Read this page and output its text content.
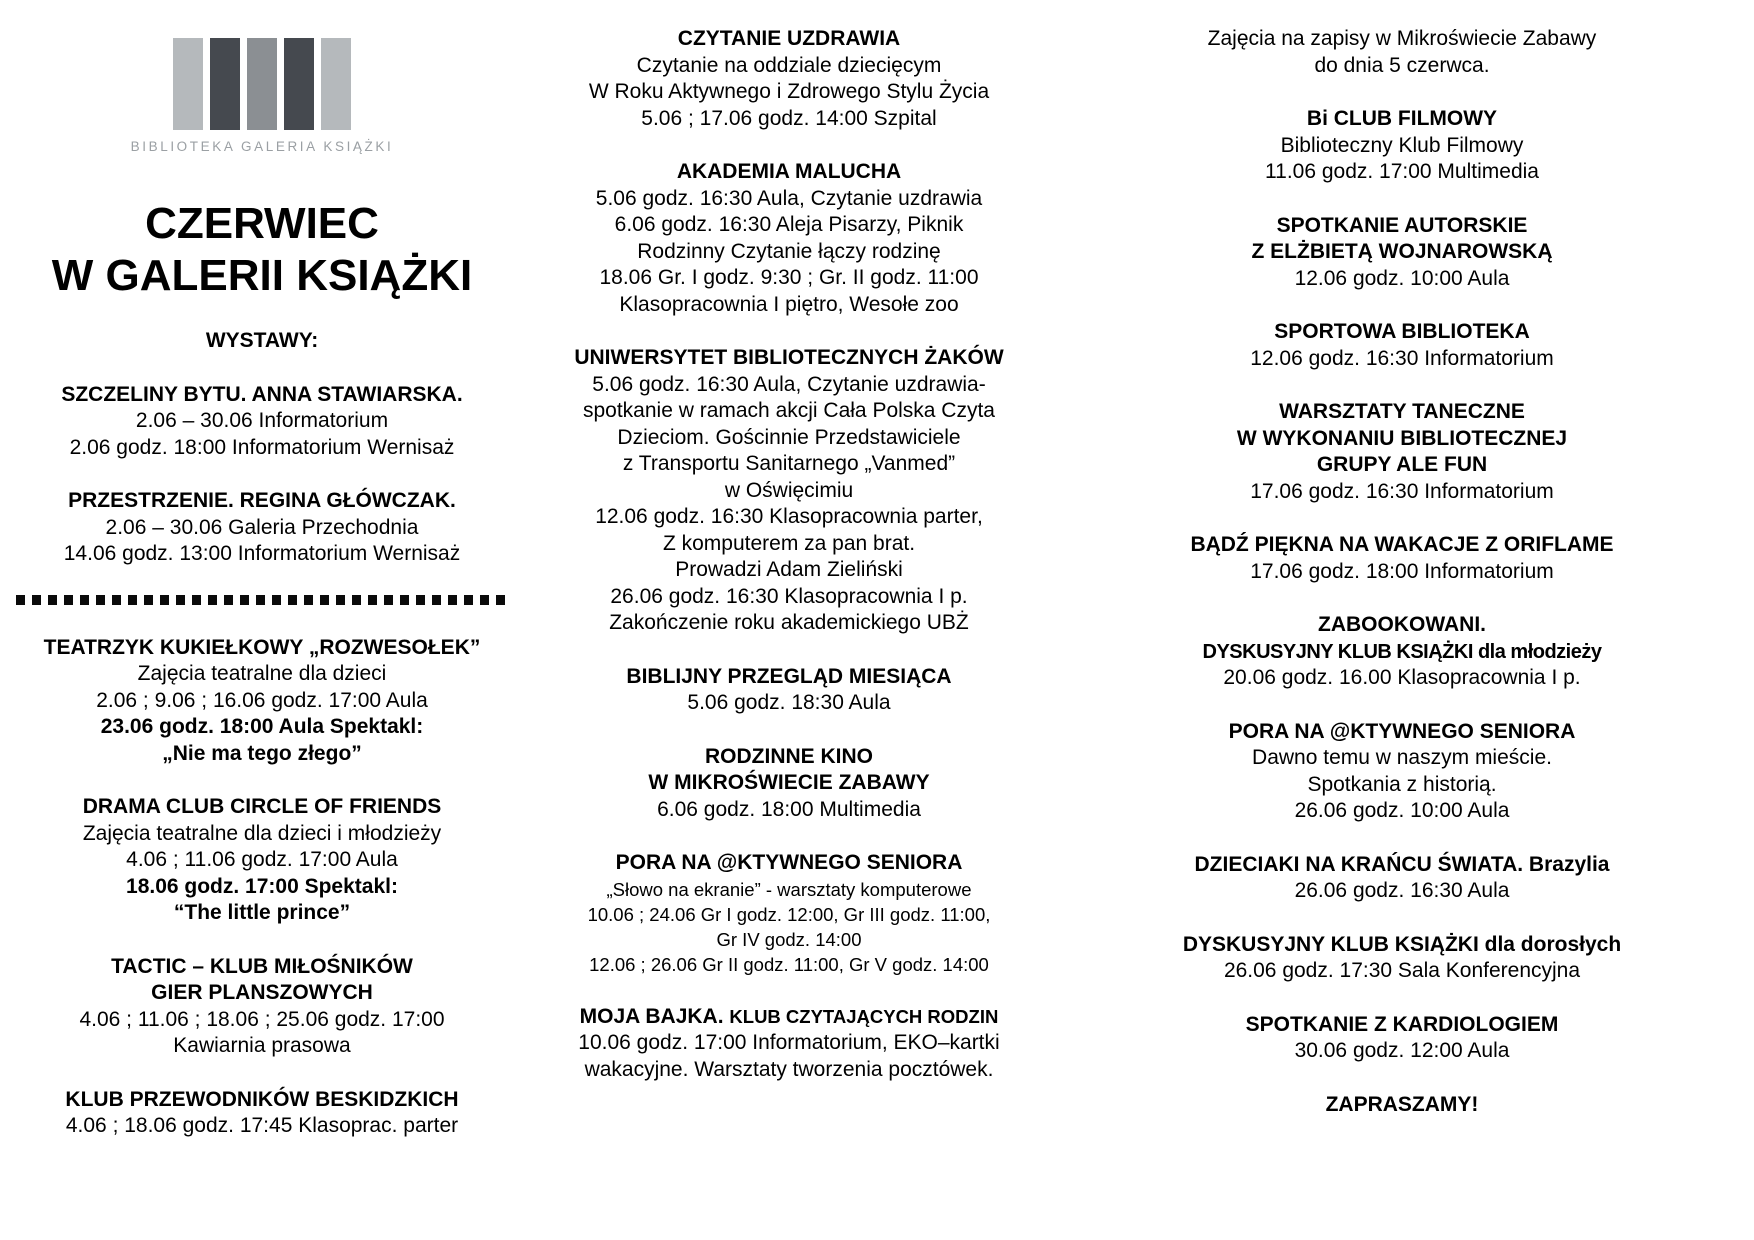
BIBLIOTEKA GALERIA KSIĄŻKI
CZERWIEC
W GALERII KSIĄŻKI

WYSTAWY:

SZCZELINY BYTU. ANNA STAWIARSKA.

2.06 – 30.06 Informatorium

2.06 godz. 18:00 Informatorium Wernisaż

PRZESTRZENIE. REGINA GŁÓWCZAK.

2.06 – 30.06 Galeria Przechodnia

14.06 godz. 13:00 Informatorium Wernisaż

TEATRZYK KUKIEŁKOWY „ROZWESOŁEK”

Zajęcia teatralne dla dzieci

2.06 ; 9.06 ; 16.06 godz. 17:00 Aula

23.06 godz. 18:00 Aula Spektakl:

„Nie ma tego złego”

DRAMA CLUB CIRCLE OF FRIENDS

Zajęcia teatralne dla dzieci i młodzieży

4.06 ; 11.06 godz. 17:00 Aula

18.06 godz. 17:00 Spektakl:

“The little prince”

TACTIC – KLUB MIŁOŚNIKÓW

GIER PLANSZOWYCH

4.06 ; 11.06 ; 18.06 ; 25.06 godz. 17:00

Kawiarnia prasowa

KLUB PRZEWODNIKÓW BESKIDZKICH

4.06 ; 18.06 godz. 17:45 Klasoprac. parter

CZYTANIE UZDRAWIA

Czytanie na oddziale dziecięcym

W Roku Aktywnego i Zdrowego Stylu Życia

5.06 ; 17.06 godz. 14:00 Szpital

AKADEMIA MALUCHA

5.06 godz. 16:30 Aula, Czytanie uzdrawia

6.06 godz. 16:30 Aleja Pisarzy, Piknik

Rodzinny Czytanie łączy rodzinę

18.06 Gr. I godz. 9:30 ; Gr. II godz. 11:00

Klasopracownia I piętro, Wesołe zoo

UNIWERSYTET BIBLIOTECZNYCH ŻAKÓW

5.06 godz. 16:30 Aula, Czytanie uzdrawia-

spotkanie w ramach akcji Cała Polska Czyta

Dzieciom. Gościnnie Przedstawiciele

z Transportu Sanitarnego „Vanmed”

w Oświęcimiu

12.06 godz. 16:30 Klasopracownia parter,

Z komputerem za pan brat.

Prowadzi Adam Zieliński

26.06 godz. 16:30 Klasopracownia I p.

Zakończenie roku akademickiego UBŻ

BIBLIJNY PRZEGLĄD MIESIĄCA

5.06 godz. 18:30 Aula

RODZINNE KINO

W MIKROŚWIECIE ZABAWY

6.06 godz. 18:00 Multimedia

PORA NA @KTYWNEGO SENIORA

„Słowo na ekranie” - warsztaty komputerowe

10.06 ; 24.06 Gr I godz. 12:00, Gr III godz. 11:00,

Gr IV godz. 14:00

12.06 ; 26.06 Gr II godz. 11:00, Gr V godz. 14:00

MOJA BAJKA. KLUB CZYTAJĄCYCH RODZIN

10.06 godz. 17:00 Informatorium, EKO–kartki

wakacyjne. Warsztaty tworzenia pocztówek.

Zajęcia na zapisy w Mikroświecie Zabawy

do dnia 5 czerwca.

Bi CLUB FILMOWY

Biblioteczny Klub Filmowy

11.06 godz. 17:00 Multimedia

SPOTKANIE AUTORSKIE

Z ELŻBIETĄ WOJNAROWSKĄ

12.06 godz. 10:00 Aula

SPORTOWA BIBLIOTEKA

12.06 godz. 16:30 Informatorium

WARSZTATY TANECZNE

W WYKONANIU BIBLIOTECZNEJ

GRUPY ALE FUN

17.06 godz. 16:30 Informatorium

BĄDŹ PIĘKNA NA WAKACJE Z ORIFLAME

17.06 godz. 18:00 Informatorium

ZABOOKOWANI.

DYSKUSYJNY KLUB KSIĄŻKI dla młodzieży

20.06 godz. 16.00 Klasopracownia I p.

PORA NA @KTYWNEGO SENIORA

Dawno temu w naszym mieście.

Spotkania z historią.

26.06 godz. 10:00 Aula

DZIECIAKI NA KRAŃCU ŚWIATA. Brazylia

26.06 godz. 16:30 Aula

DYSKUSYJNY KLUB KSIĄŻKI dla dorosłych

26.06 godz. 17:30 Sala Konferencyjna

SPOTKANIE Z KARDIOLOGIEM

30.06 godz. 12:00 Aula

ZAPRASZAMY!
